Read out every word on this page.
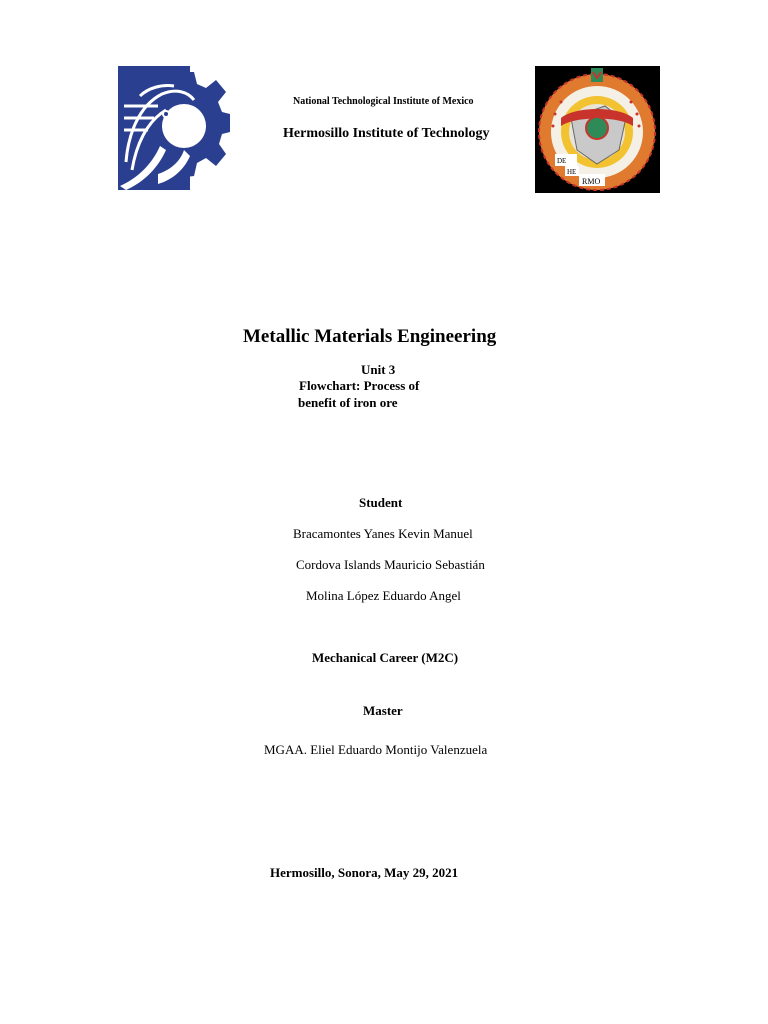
National Technological Institute of Mexico
Hermosillo Institute of Technology
DE
HE
RMO
Metallic Materials Engineering
Unit 3
Flowchart: Process of
benefit of iron ore
Student
Bracamontes Yanes Kevin Manuel
Cordova Islands Mauricio Sebastián
Molina López Eduardo Angel
Mechanical Career (M2C)
Master
MGAA. Eliel Eduardo Montijo Valenzuela
Hermosillo, Sonora, May 29, 2021
